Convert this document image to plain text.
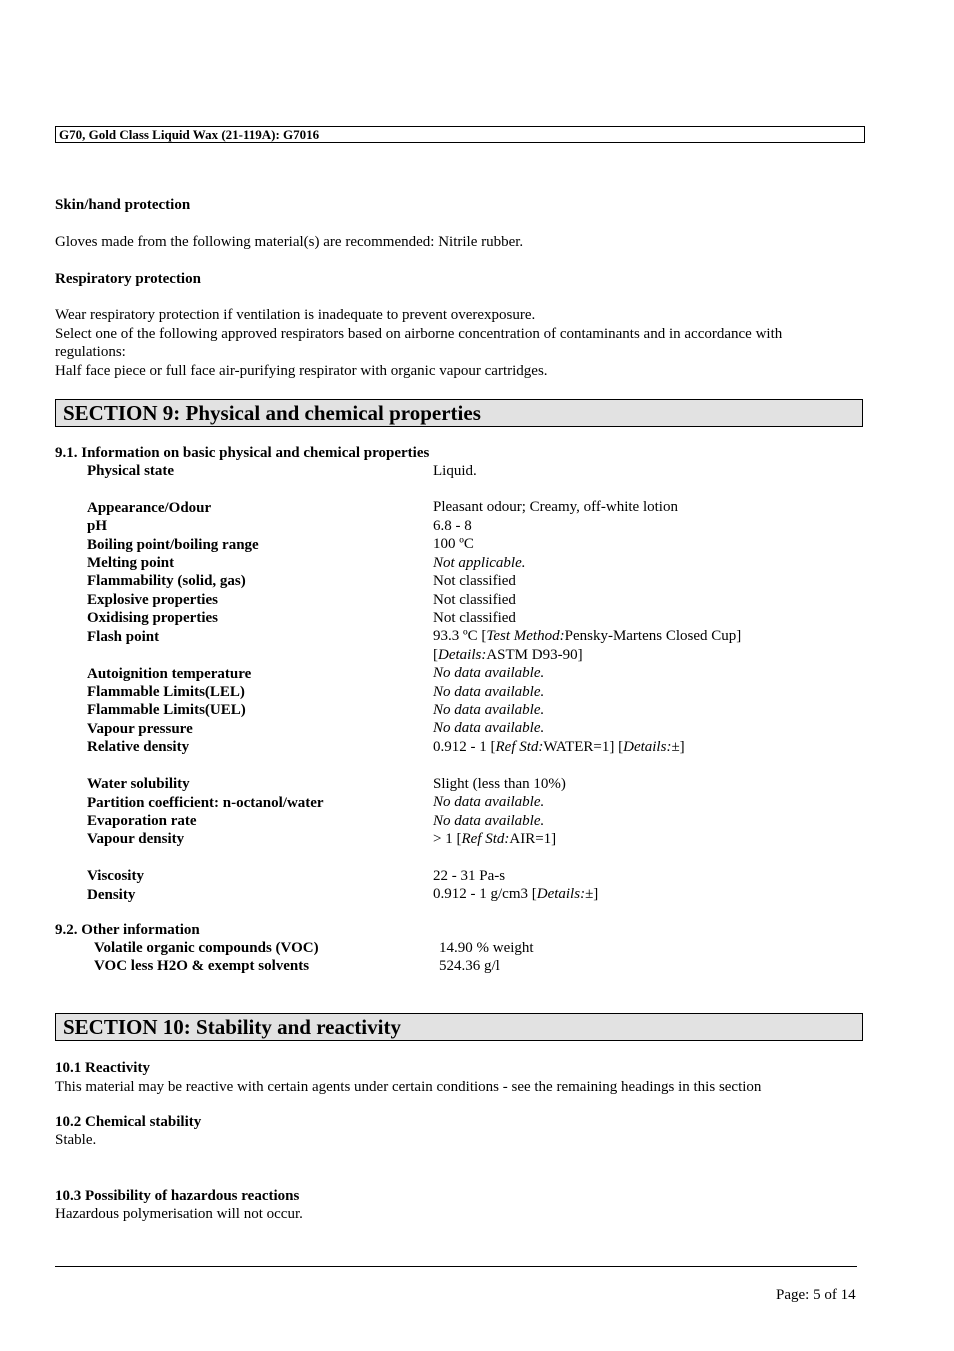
G70, Gold Class Liquid Wax (21-119A): G7016
Skin/hand protection
Gloves made from the following material(s) are recommended: Nitrile rubber.
Respiratory protection
Wear respiratory protection if ventilation is inadequate to prevent overexposure.
Select one of the following approved respirators based on airborne concentration of contaminants and in accordance with
regulations:
Half face piece or full face air-purifying respirator with organic vapour cartridges.
SECTION 9: Physical and chemical properties
9.1. Information on basic physical and chemical properties
Physical state	Liquid.
Appearance/Odour	Pleasant odour; Creamy, off-white lotion
pH	6.8 - 8
Boiling point/boiling range	100 ºC
Melting point	Not applicable.
Flammability (solid, gas)	Not classified
Explosive properties	Not classified
Oxidising properties	Not classified
Flash point	93.3 ºC [Test Method:Pensky-Martens Closed Cup]
[Details:ASTM D93-90]
Autoignition temperature	No data available.
Flammable Limits(LEL)	No data available.
Flammable Limits(UEL)	No data available.
Vapour pressure	No data available.
Relative density	0.912 - 1 [Ref Std:WATER=1] [Details:±]
Water solubility	Slight (less than 10%)
Partition coefficient: n-octanol/water	No data available.
Evaporation rate	No data available.
Vapour density	> 1 [Ref Std:AIR=1]
Viscosity	22 - 31 Pa-s
Density	0.912 - 1 g/cm3 [Details:±]
9.2. Other information
Volatile organic compounds (VOC)	14.90 % weight
VOC less H2O & exempt solvents	524.36 g/l
SECTION 10: Stability and reactivity
10.1 Reactivity
This material may be reactive with certain agents under certain conditions - see the remaining headings in this section
10.2 Chemical stability
Stable.
10.3 Possibility of hazardous reactions
Hazardous polymerisation will not occur.
Page: 5 of 14
